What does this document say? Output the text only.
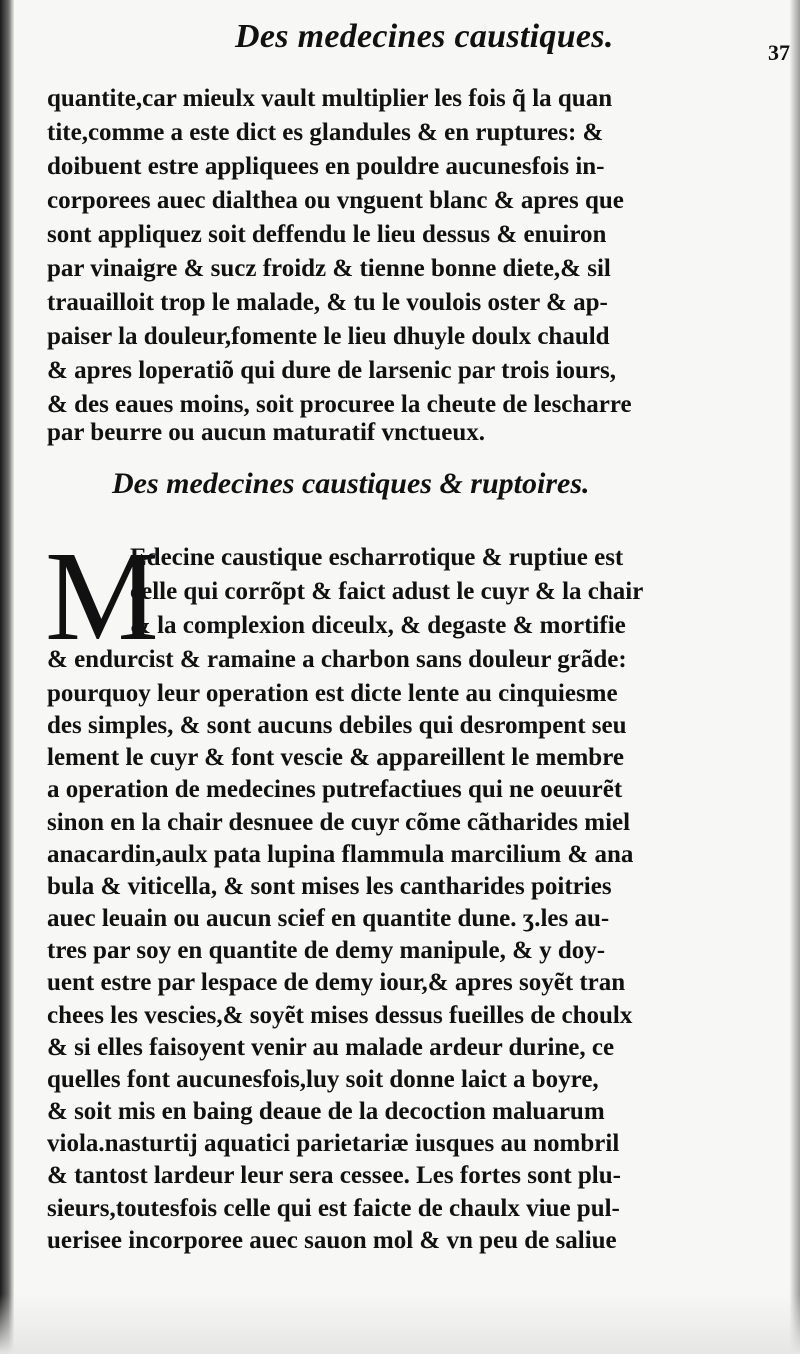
Des medecines caustiques.	37
quantite,car mieulx vault multiplier les fois q̃ la quan
tite,comme a este dict es glandules & en ruptures: &
doibuent estre appliquees en pouldre aucunesfois in-
corporees auec dialthea ou vnguent blanc & apres que
sont appliquez soit deffendu le lieu dessus & enuiron
par vinaigre & sucz froidz & tienne bonne diete,& sil
trauailloit trop le malade, & tu le voulois oster & ap-
paiser la douleur,fomente le lieu dhuyle doulx chauld
& apres loperatiõ qui dure de larsenic par trois iours,
& des eaues moins, soit procuree la cheute de lescharre
par beurre ou aucun maturatif vnctueux.
Des medecines caustiques & ruptoires.
M
Edecine caustique escharrotique & ruptiue est
celle qui corrõpt & faict adust le cuyr & la chair
& la complexion diceulx, & degaste & mortifie
& endurcist & ramaine a charbon sans douleur grãde:
pourquoy leur operation est dicte lente au cinquiesme
des simples, & sont aucuns debiles qui desrompent seu
lement le cuyr & font vescie & appareillent le membre
a operation de medecines putrefactiues qui ne oeuurẽt
sinon en la chair desnuee de cuyr cõme cãtharides miel
anacardin,aulx pata lupina flammula marcilium & ana
bula & viticella, & sont mises les cantharides poitries
auec leuain ou aucun scief en quantite dune. ʒ.les au-
tres par soy en quantite de demy manipule, & y doy-
uent estre par lespace de demy iour,& apres soyẽt tran
chees les vescies,& soyẽt mises dessus fueilles de choulx
& si elles faisoyent venir au malade ardeur durine, ce
quelles font aucunesfois,luy soit donne laict a boyre,
& soit mis en baing deaue de la decoction maluarum
viola.nasturtij aquatici parietariæ iusques au nombril
& tantost lardeur leur sera cessee. Les fortes sont plu-
sieurs,toutesfois celle qui est faicte de chaulx viue pul-
uerisee incorporee auec sauon mol & vn peu de saliue
